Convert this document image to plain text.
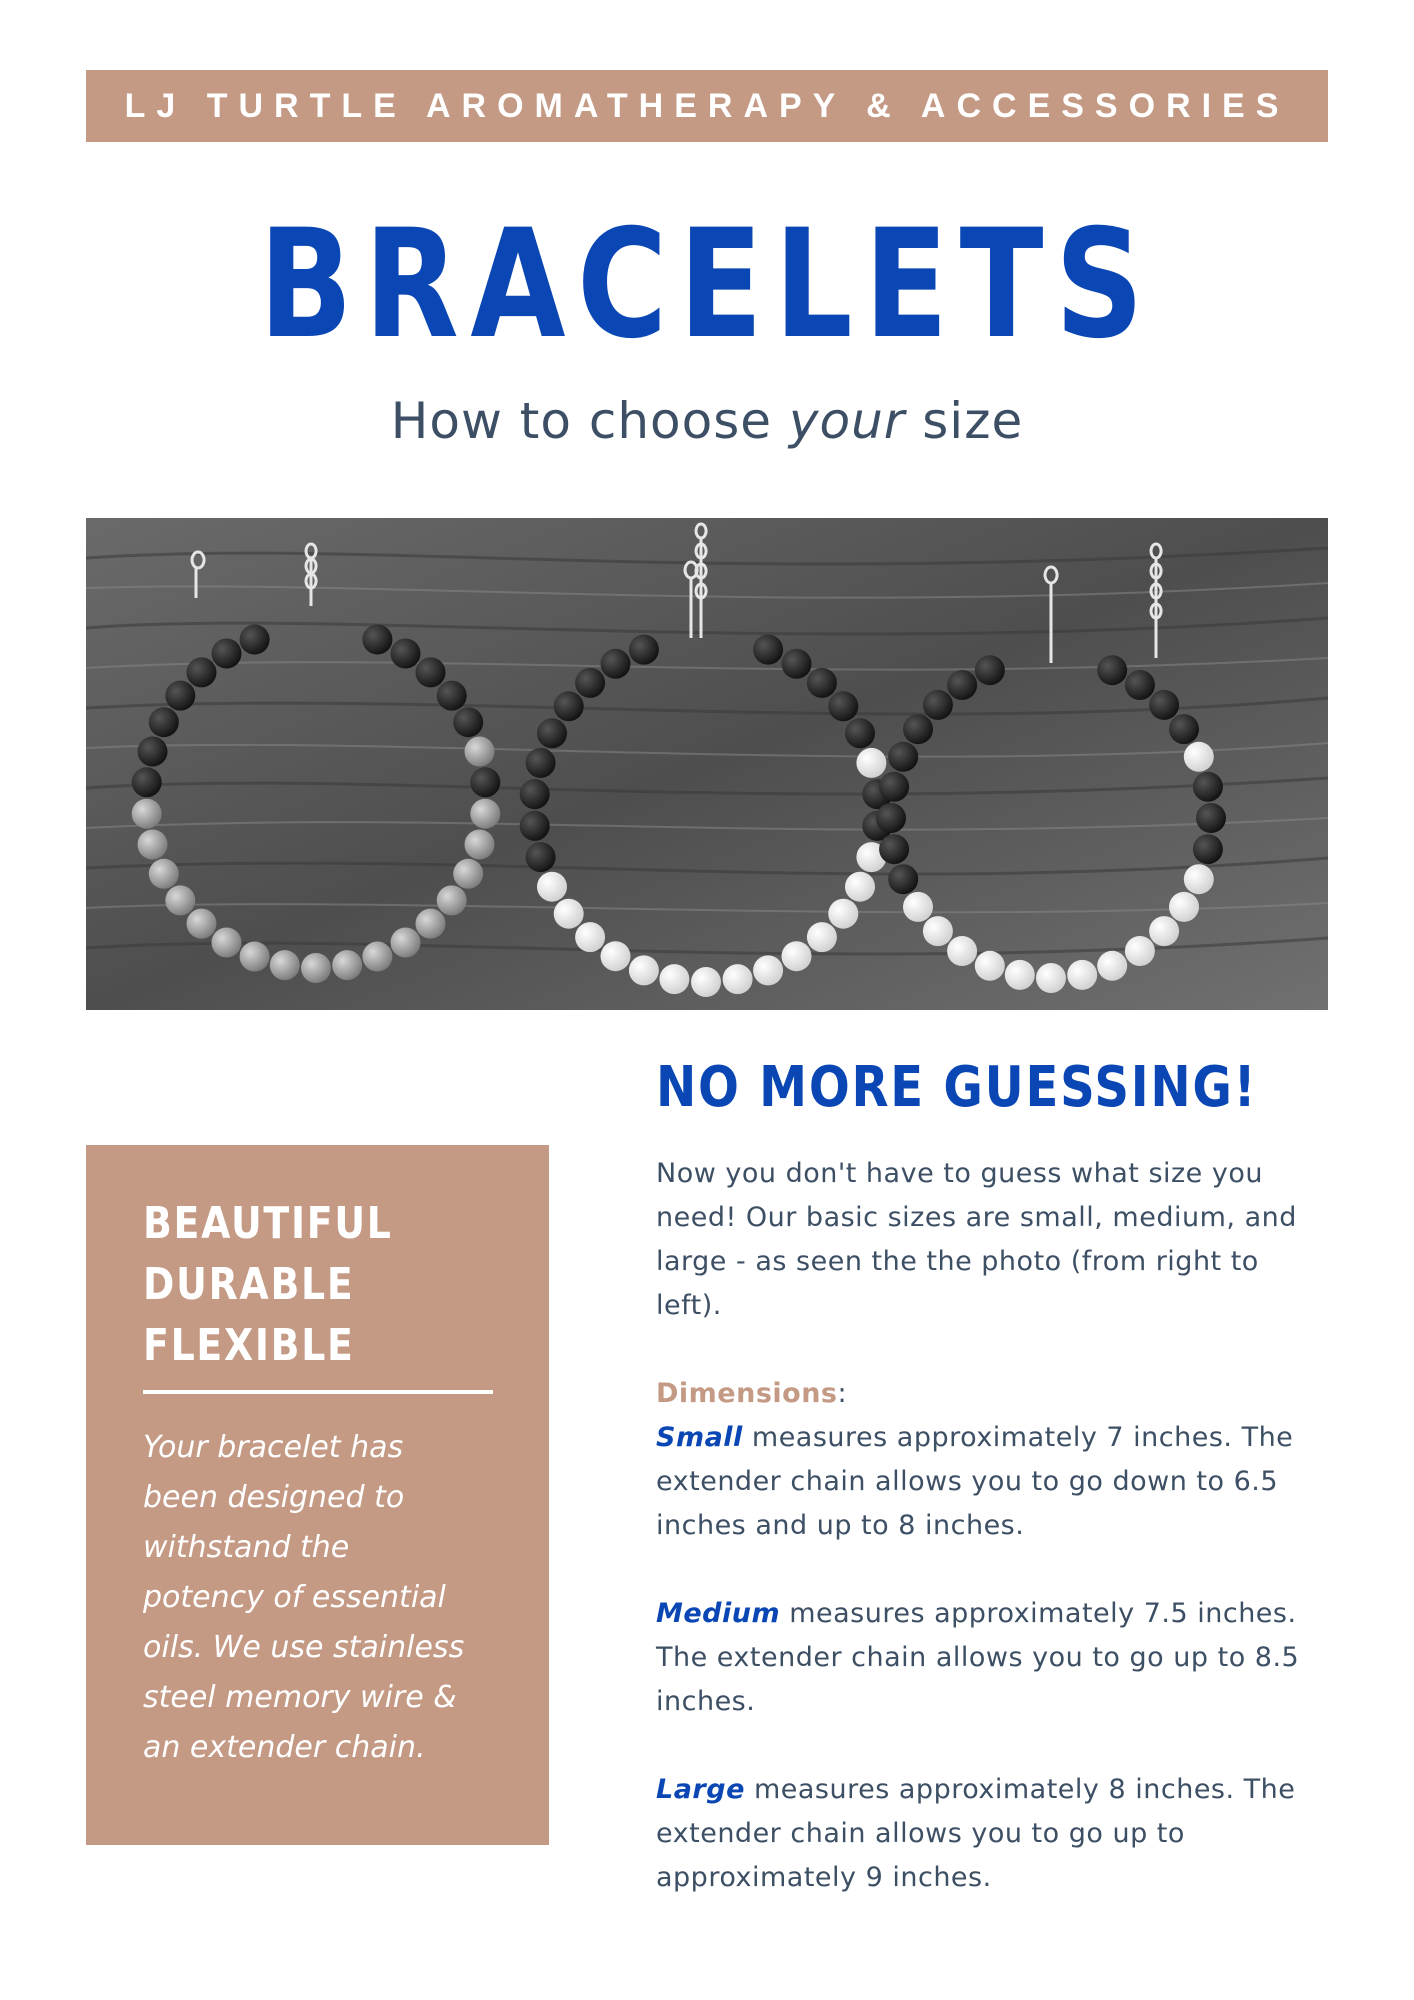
LJ TURTLE AROMATHERAPY & ACCESSORIES
BRACELETS
How to choose your size
BEAUTIFUL
DURABLE
FLEXIBLE
Your bracelet has
been designed to
withstand the
potency of essential
oils. We use stainless
steel memory wire &
an extender chain.
NO MORE GUESSING!

Now you don't have to guess what size you need! Our basic sizes are small, medium, and large - as seen the the photo (from right to left).

Dimensions:

Small measures approximately 7 inches. The extender chain allows you to go down to 6.5 inches and up to 8 inches.

Medium measures approximately 7.5 inches. The extender chain allows you to go up to 8.5 inches.

Large measures approximately 8 inches. The extender chain allows you to go up to approximately 9 inches.
